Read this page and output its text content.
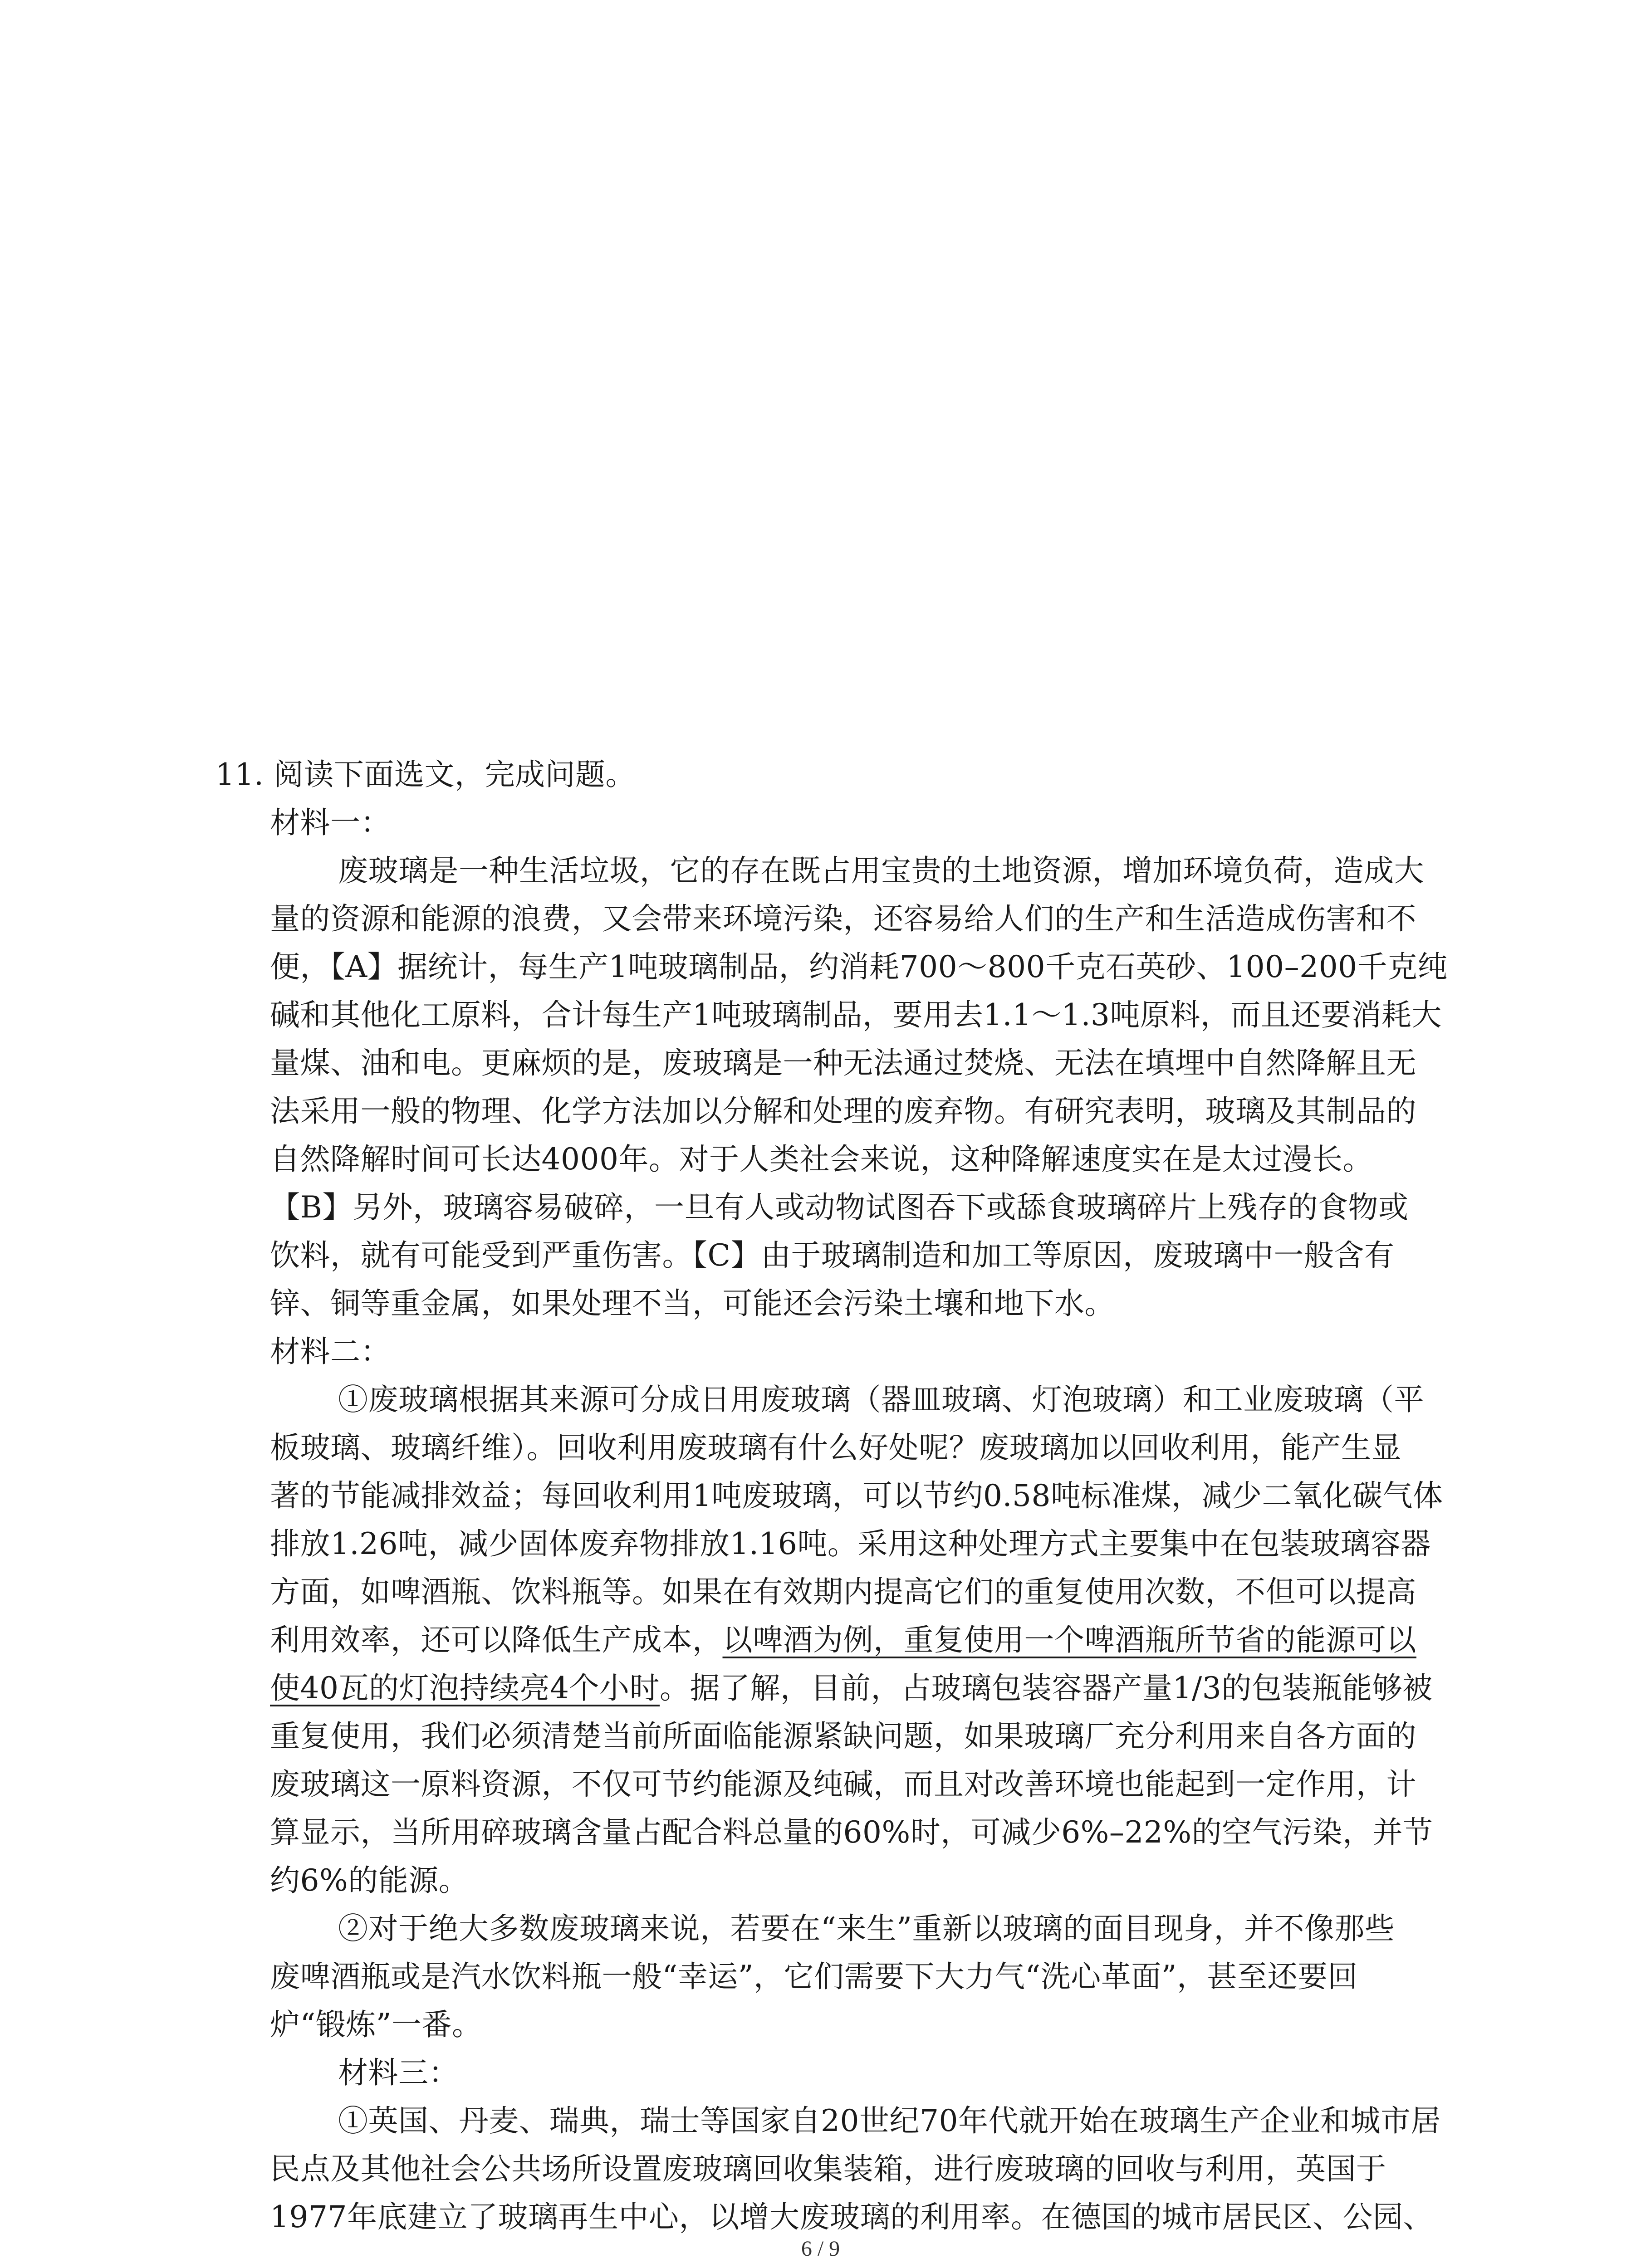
11. 阅读下面选文，完成问题。
材料一：
废玻璃是一种生活垃圾，它的存在既占用宝贵的土地资源，增加环境负荷，造成大
量的资源和能源的浪费，又会带来环境污染，还容易给人们的生产和生活造成伤害和不
便，【A】据统计，每生产1吨玻璃制品，约消耗700～800千克石英砂、100–200千克纯
碱和其他化工原料，合计每生产1吨玻璃制品，要用去1.1～1.3吨原料，而且还要消耗大
量煤、油和电。更麻烦的是，废玻璃是一种无法通过焚烧、无法在填埋中自然降解且无
法采用一般的物理、化学方法加以分解和处理的废弃物。有研究表明，玻璃及其制品的
自然降解时间可长达4000年。对于人类社会来说，这种降解速度实在是太过漫长。
【B】另外，玻璃容易破碎，一旦有人或动物试图吞下或舔食玻璃碎片上残存的食物或
饮料，就有可能受到严重伤害。【C】由于玻璃制造和加工等原因，废玻璃中一般含有
锌、铜等重金属，如果处理不当，可能还会污染土壤和地下水。
材料二：
①废玻璃根据其来源可分成日用废玻璃（器皿玻璃、灯泡玻璃）和工业废玻璃（平
板玻璃、玻璃纤维）。回收利用废玻璃有什么好处呢？废玻璃加以回收利用，能产生显
著的节能减排效益；每回收利用1吨废玻璃，可以节约0.58吨标准煤，减少二氧化碳气体
排放1.26吨，减少固体废弃物排放1.16吨。采用这种处理方式主要集中在包装玻璃容器
方面，如啤酒瓶、饮料瓶等。如果在有效期内提高它们的重复使用次数，不但可以提高
利用效率，还可以降低生产成本，以啤酒为例，重复使用一个啤酒瓶所节省的能源可以
使40瓦的灯泡持续亮4个小时。据了解，目前，占玻璃包装容器产量1/3的包装瓶能够被
重复使用，我们必须清楚当前所面临能源紧缺问题，如果玻璃厂充分利用来自各方面的
废玻璃这一原料资源，不仅可节约能源及纯碱，而且对改善环境也能起到一定作用，计
算显示，当所用碎玻璃含量占配合料总量的60%时，可减少6%–22%的空气污染，并节
约6%的能源。
②对于绝大多数废玻璃来说，若要在“来生”重新以玻璃的面目现身，并不像那些
废啤酒瓶或是汽水饮料瓶一般“幸运”，它们需要下大力气“洗心革面”，甚至还要回
炉“锻炼”一番。
材料三：
①英国、丹麦、瑞典，瑞士等国家自20世纪70年代就开始在玻璃生产企业和城市居
民点及其他社会公共场所设置废玻璃回收集装箱，进行废玻璃的回收与利用，英国于
1977年底建立了玻璃再生中心，以增大废玻璃的利用率。在德国的城市居民区、公园、
6 / 9
